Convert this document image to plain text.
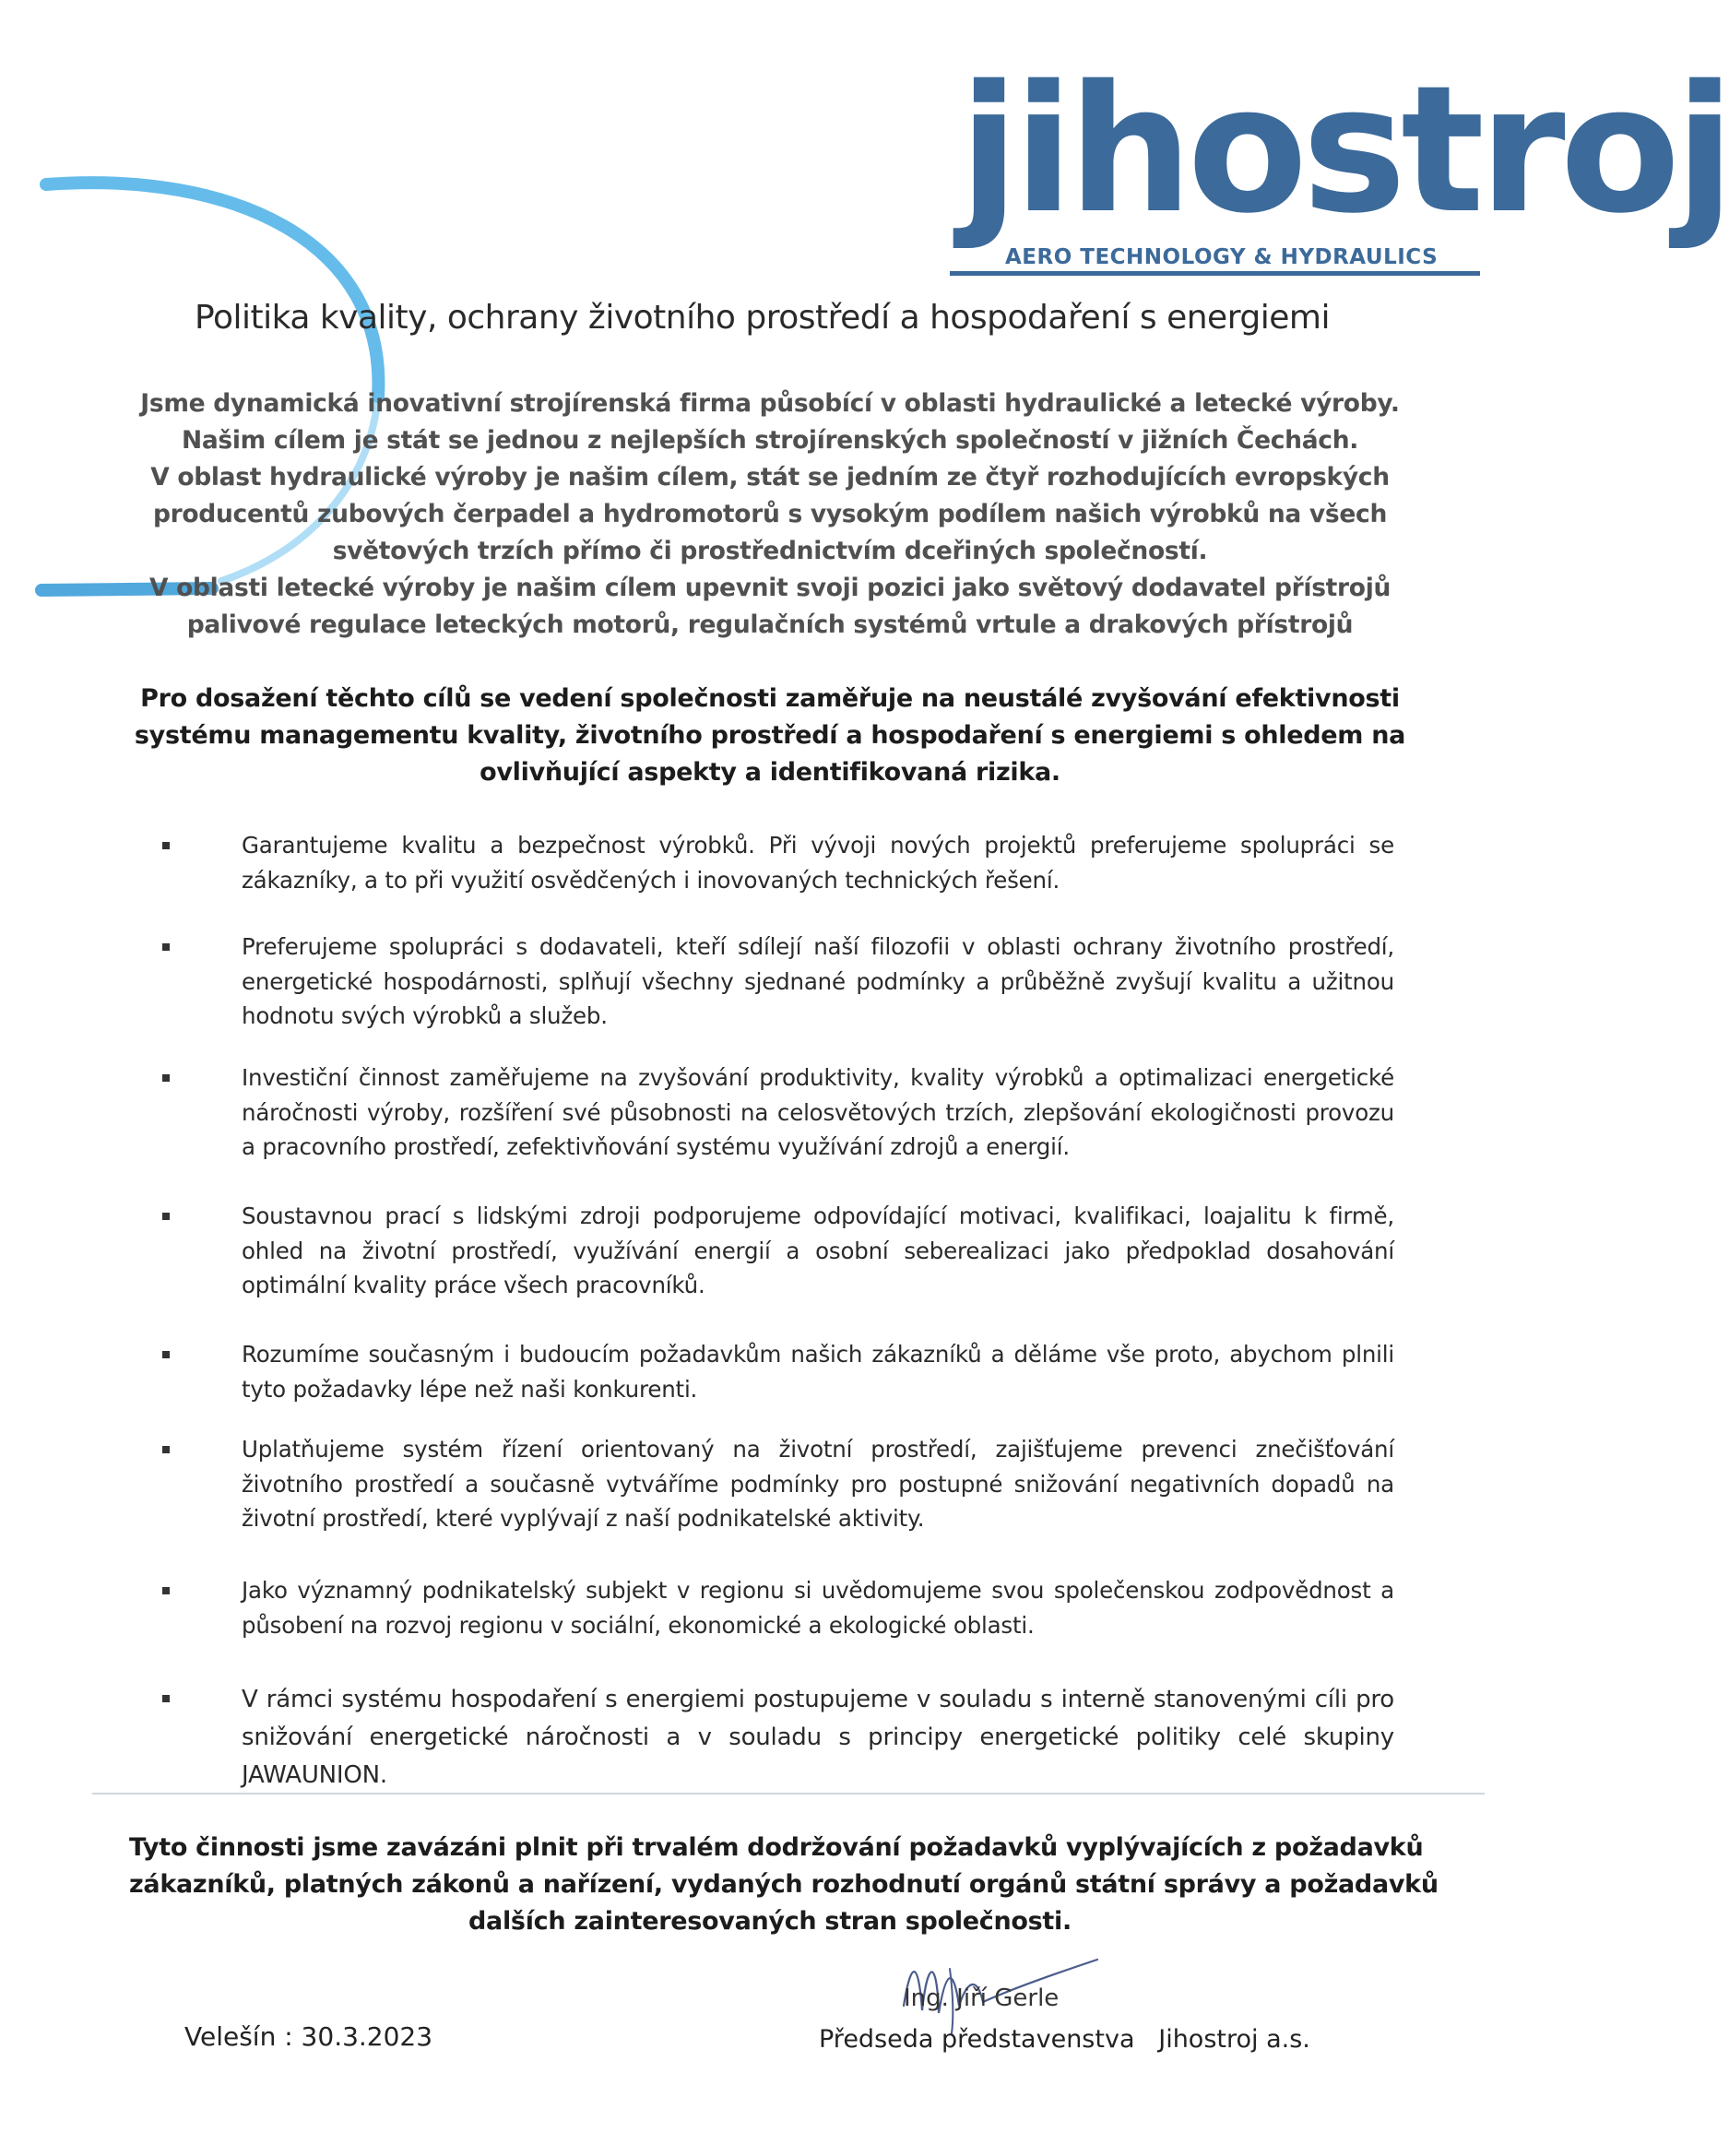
jihostroj
AERO TECHNOLOGY & HYDRAULICS
Politika kvality, ochrany životního prostředí a hospodaření s energiemi
Jsme dynamická inovativní strojírenská firma působící v oblasti hydraulické a letecké výroby.
Našim cílem je stát se jednou z nejlepších strojírenských společností v jižních Čechách.
V oblast hydraulické výroby je našim cílem, stát se jedním ze čtyř rozhodujících evropských
producentů zubových čerpadel a hydromotorů s vysokým podílem našich výrobků na všech
světových trzích přímo či prostřednictvím dceřiných společností.
V oblasti letecké výroby je našim cílem upevnit svoji pozici jako světový dodavatel přístrojů
palivové regulace leteckých motorů, regulačních systémů vrtule a drakových přístrojů
Pro dosažení těchto cílů se vedení společnosti zaměřuje na neustálé zvyšování efektivnosti
systému managementu kvality, životního prostředí a hospodaření s energiemi s ohledem na
ovlivňující aspekty a identifikovaná rizika.
Garantujeme kvalitu a bezpečnost výrobků. Při vývoji nových projektů preferujeme spolupráci se zákazníky, a to při využití osvědčených i inovovaných technických řešení.
Preferujeme spolupráci s dodavateli, kteří sdílejí naší filozofii v oblasti ochrany životního prostředí, energetické hospodárnosti, splňují všechny sjednané podmínky a průběžně zvyšují kvalitu a užitnou hodnotu svých výrobků a služeb.
Investiční činnost zaměřujeme na zvyšování produktivity, kvality výrobků a optimalizaci energetické náročnosti výroby, rozšíření své působnosti na celosvětových trzích, zlepšování ekologičnosti provozu a pracovního prostředí, zefektivňování systému využívání zdrojů a energií.
Soustavnou prací s lidskými zdroji podporujeme odpovídající motivaci, kvalifikaci, loajalitu k firmě, ohled na životní prostředí, využívání energií a osobní seberealizaci jako předpoklad dosahování optimální kvality práce všech pracovníků.
Rozumíme současným i budoucím požadavkům našich zákazníků a děláme vše proto, abychom plnili tyto požadavky lépe než naši konkurenti.
Uplatňujeme systém řízení orientovaný na životní prostředí, zajišťujeme prevenci znečišťování životního prostředí a současně vytváříme podmínky pro postupné snižování negativních dopadů na životní prostředí, které vyplývají z naší podnikatelské aktivity.
Jako významný podnikatelský subjekt v regionu si uvědomujeme svou společenskou zodpovědnost a působení na rozvoj regionu v sociální, ekonomické a ekologické oblasti.
V rámci systému hospodaření s energiemi postupujeme v souladu s interně stanovenými cíli pro snižování energetické náročnosti a v souladu s principy energetické politiky celé skupiny JAWAUNION.
Tyto činnosti jsme zavázáni plnit při trvalém dodržování požadavků vyplývajících z požadavků
zákazníků, platných zákonů a nařízení, vydaných rozhodnutí orgánů státní správy a požadavků
dalších zainteresovaných stran společnosti.
Velešín : 30.3.2023
Ing. Jiří Gerle
Předseda představenstva   Jihostroj a.s.
